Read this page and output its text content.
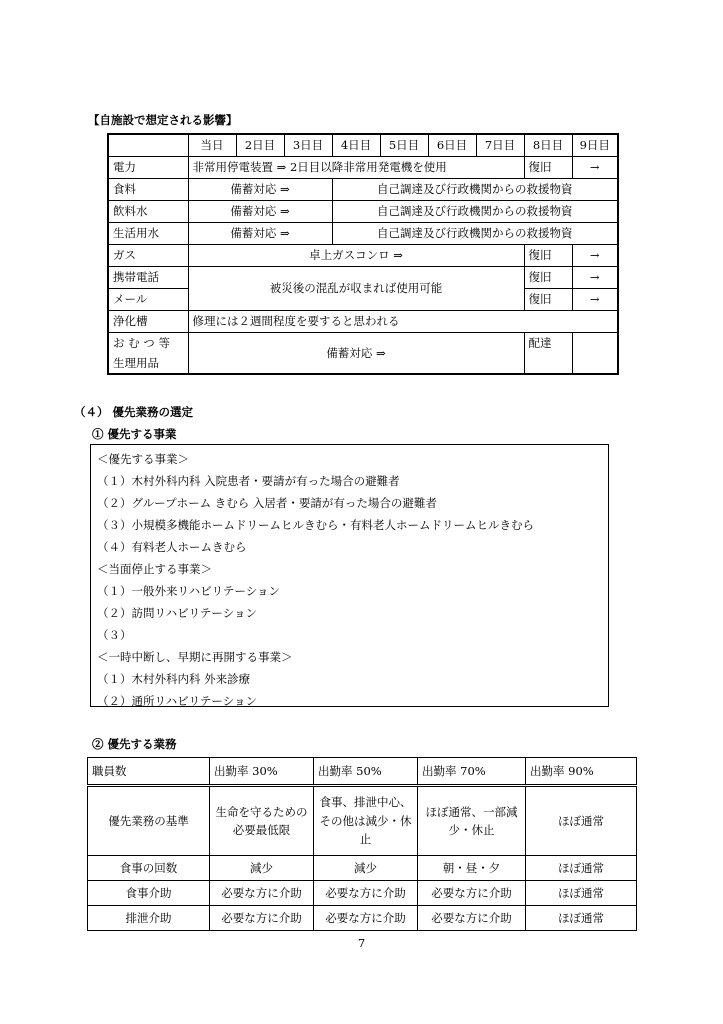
【自施設で想定される影響】
	当日	2日目	3日目	4日目	5日目	6日目	7日目	8日目	9日目
電力	非常用停電装置 ⇒ 2日目以降非常用発電機を使用							復旧	→
食料	備蓄対応 ⇒			自己調達及び行政機関からの救援物資					
飲料水	備蓄対応 ⇒			自己調達及び行政機関からの救援物資					
生活用水	備蓄対応 ⇒			自己調達及び行政機関からの救援物資					
ガス	卓上ガスコンロ ⇒							復旧	→
携帯電話	被災後の混乱が収まれば使用可能							復旧	→
メール								復旧	→
浄化槽	修理には２週間程度を要すると思われる								

お む つ 等
生理用品	備蓄対応 ⇒							配達	
（４） 優先業務の選定
① 優先する事業
＜優先する事業＞
（１）木村外科内科 入院患者・要請が有った場合の避難者
（２）グループホーム きむら 入居者・要請が有った場合の避難者
（３）小規模多機能ホームドリームヒルきむら・有料老人ホームドリームヒルきむら
（４）有料老人ホームきむら
＜当面停止する事業＞
（１）一般外来リハビリテーション
（２）訪問リハビリテーション
（３）
＜一時中断し、早期に再開する事業＞
（１）木村外科内科 外来診療
（２）通所リハビリテーション
② 優先する業務
職員数	出勤率 30%	出勤率 50%	出勤率 70%	出勤率 90%
優先業務の基準	生命を守るための必要最低限	食事、排泄中心、その他は減少・休止	ほぼ通常、一部減少・休止	ほぼ通常
食事の回数	減少	減少	朝・昼・夕	ほぼ通常
食事介助	必要な方に介助	必要な方に介助	必要な方に介助	ほぼ通常
排泄介助	必要な方に介助	必要な方に介助	必要な方に介助	ほぼ通常
7
